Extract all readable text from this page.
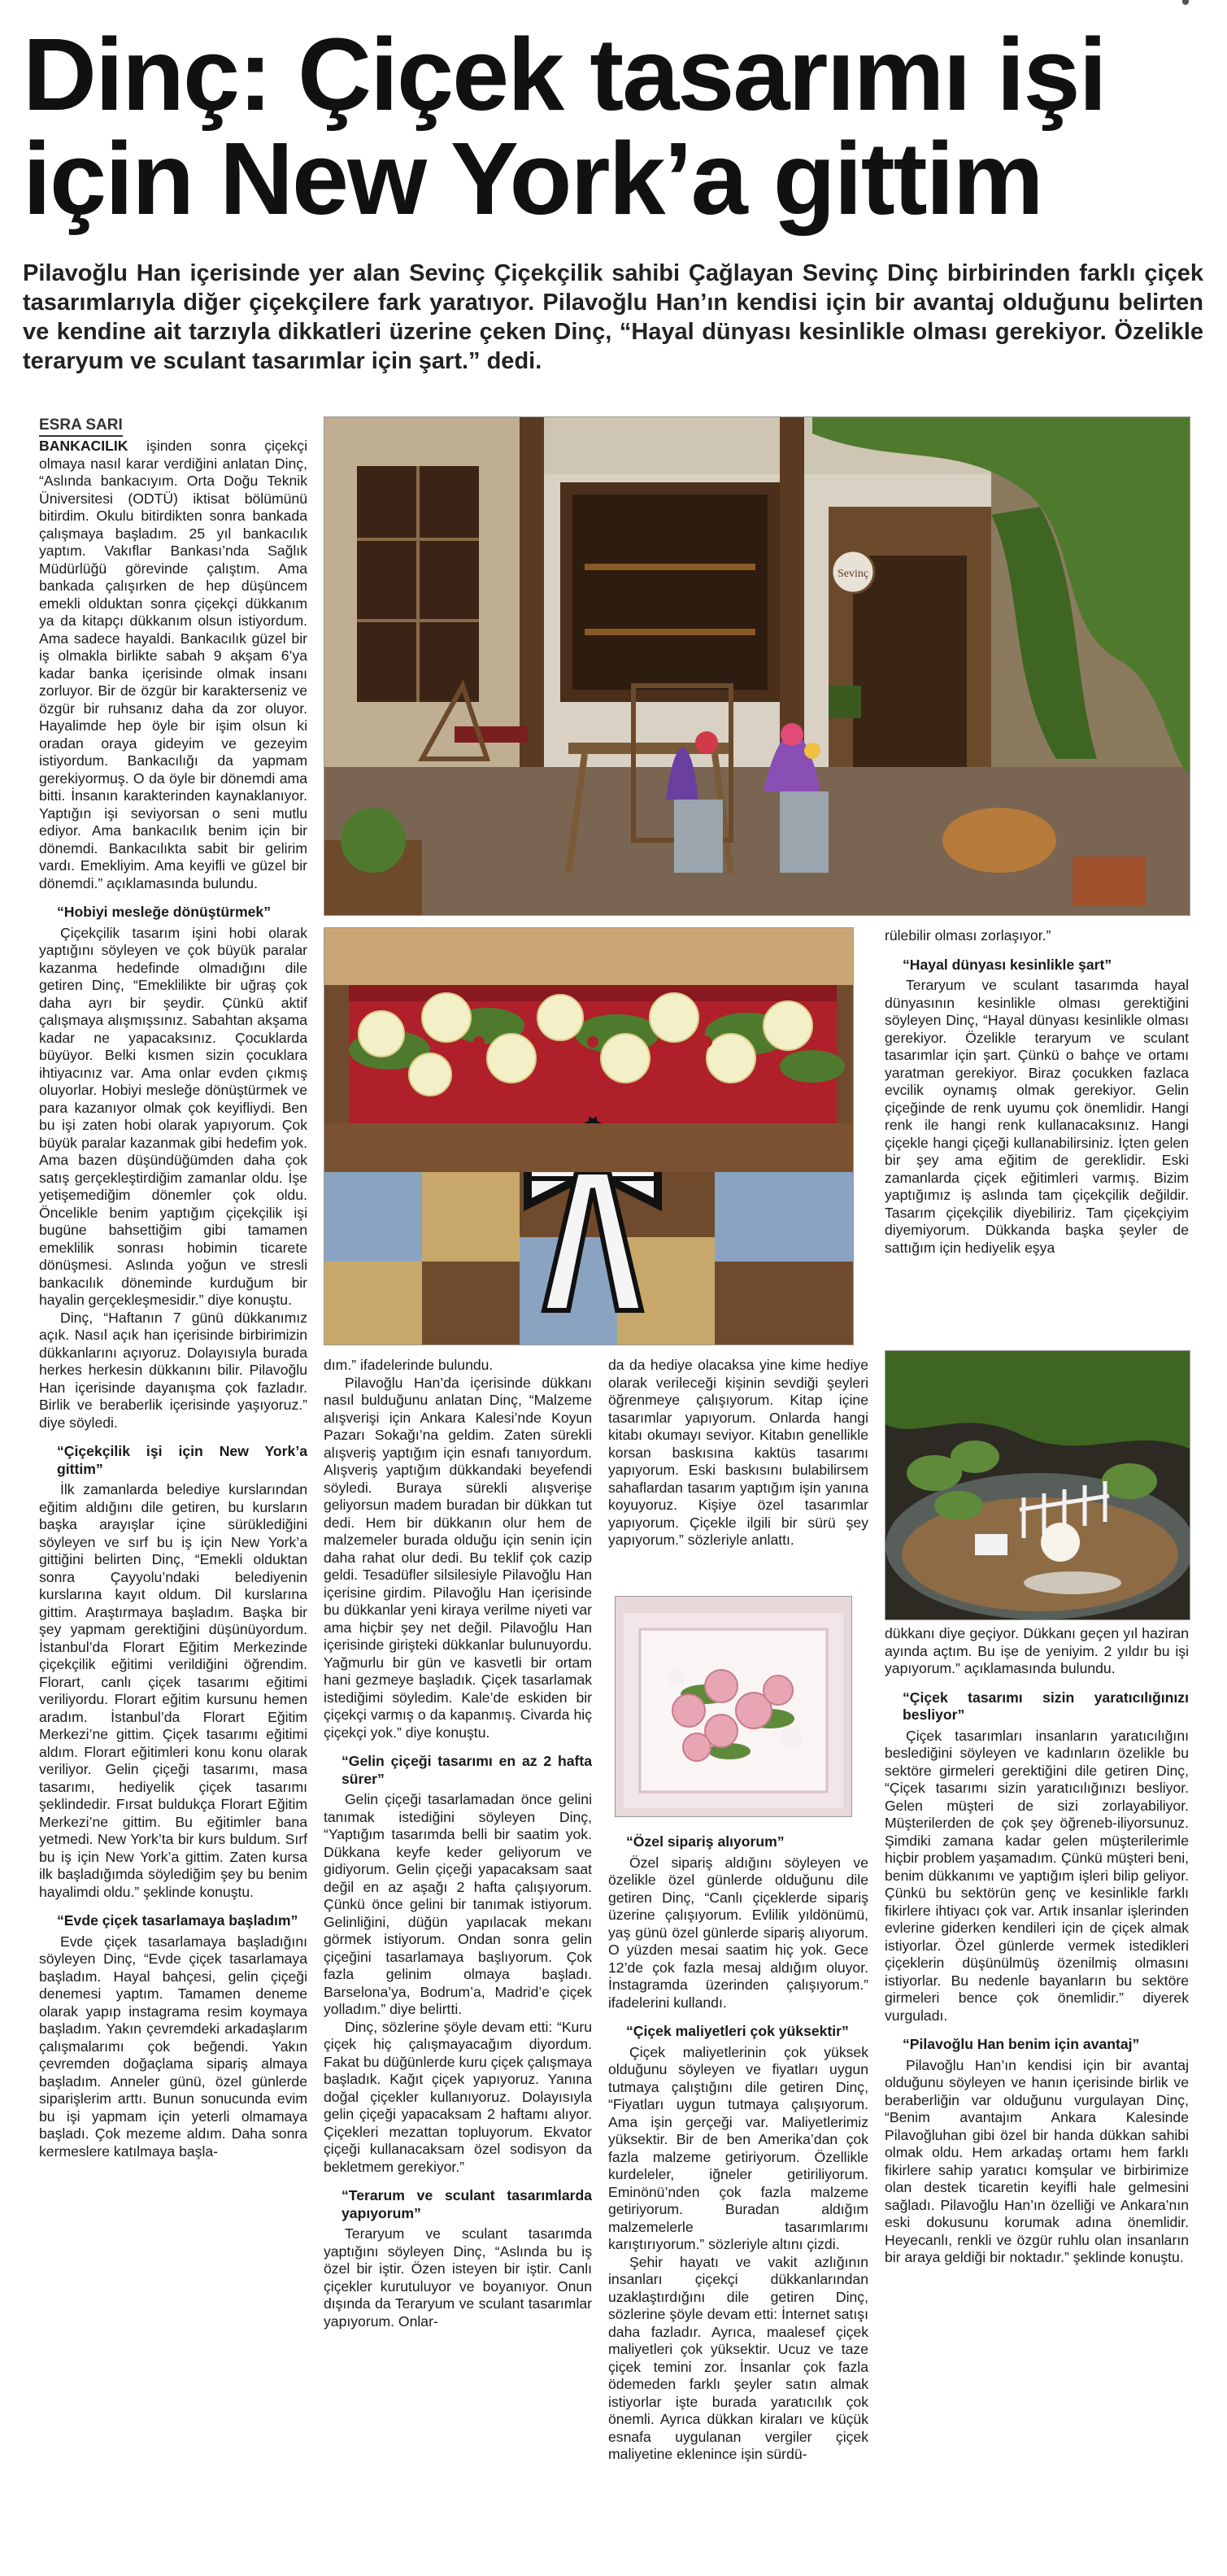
Dinç: Çiçek tasarımı işi için New York’a gittim

Pilavoğlu Han içerisinde yer alan Sevinç Çiçekçilik sahibi Çağlayan Sevinç Dinç birbirinden farklı çiçek tasarımlarıyla diğer çiçekçilere fark yaratıyor. Pilavoğlu Han’ın kendisi için bir avantaj olduğunu belirten ve kendine ait tarzıyla dikkatleri üzerine çeken Dinç, “Hayal dünyası kesinlikle olması gerekiyor. Özelikle teraryum ve sculant tasarımlar için şart.” dedi.

ESRA SARI

BANKACILIK işinden sonra çiçekçi olmaya nasıl karar verdiğini anlatan Dinç, “Aslında bankacıyım. Orta Doğu Teknik Üniversitesi (ODTÜ) iktisat bölümünü bitirdim. Okulu bitirdikten sonra bankada çalışmaya başladım. 25 yıl bankacılık yaptım. Vakıflar Bankası’nda Sağlık Müdürlüğü görevinde çalıştım. Ama bankada çalışırken de hep düşüncem emekli olduktan sonra çiçekçi dükkanım ya da kitapçı dükkanım olsun istiyordum. Ama sadece hayaldi. Bankacılık güzel bir iş olmakla birlikte sabah 9 akşam 6’ya kadar banka içerisinde olmak insanı zorluyor. Bir de özgür bir karakterseniz ve özgür bir ruhsanız daha da zor oluyor. Hayalimde hep öyle bir işim olsun ki oradan oraya gideyim ve gezeyim istiyordum. Bankacılığı da yapmam gerekiyormuş. O da öyle bir dönemdi ama bitti. İnsanın karakterinden kaynaklanıyor. Yaptığın işi seviyorsan o seni mutlu ediyor. Ama bankacılık benim için bir dönemdi. Bankacılıkta sabit bir gelirim vardı. Emekliyim. Ama keyifli ve güzel bir dönemdi.” açıklamasında bulundu.

“Hobiyi mesleğe dönüştürmek”

Çiçekçilik tasarım işini hobi olarak yaptığını söyleyen ve çok büyük paralar kazanma hedefinde olmadığını dile getiren Dinç, “Emeklilikte bir uğraş çok daha ayrı bir şeydir. Çünkü aktif çalışmaya alışmışsınız. Sabahtan akşama kadar ne yapacaksınız. Çocuklarda büyüyor. Belki kısmen sizin çocuklara ihtiyacınız var. Ama onlar evden çıkmış oluyorlar. Hobiyi mesleğe dönüştürmek ve para kazanıyor olmak çok keyifliydi. Ben bu işi zaten hobi olarak yapıyorum. Çok büyük paralar kazanmak gibi hedefim yok. Ama bazen düşündüğümden daha çok satış gerçekleştirdiğim zamanlar oldu. İşe yetişemediğim dönemler çok oldu. Öncelikle benim yaptığım çiçekçilik işi bugüne bahsettiğim gibi tamamen emeklilik sonrası hobimin ticarete dönüşmesi. Aslında yoğun ve stresli bankacılık döneminde kurduğum bir hayalin gerçekleşmesidir.” diye konuştu.

Dinç, “Haftanın 7 günü dükkanımız açık. Nasıl açık han içerisinde birbirimizin dükkanlarını açıyoruz. Dolayısıyla burada herkes herkesin dükkanını bilir. Pilavoğlu Han içerisinde dayanışma çok fazladır. Birlik ve beraberlik içerisinde yaşıyoruz.” diye söyledi.

“Çiçekçilik işi için New York’a gittim”

İlk zamanlarda belediye kurslarından eğitim aldığını dile getiren, bu kursların başka arayışlar içine sürüklediğini söyleyen ve sırf bu iş için New York’a gittiğini belirten Dinç, “Emekli olduktan sonra Çayyolu’ndaki belediyenin kurslarına kayıt oldum. Dil kurslarına gittim. Araştırmaya başladım. Başka bir şey yapmam gerektiğini düşünüyordum. İstanbul’da Florart Eğitim Merkezinde çiçekçilik eğitimi verildiğini öğrendim. Florart, canlı çiçek tasarımı eğitimi veriliyordu. Florart eğitim kursunu hemen aradım. İstanbul’da Florart Eğitim Merkezi’ne gittim. Çiçek tasarımı eğitimi aldım. Florart eğitimleri konu konu olarak veriliyor. Gelin çiçeği tasarımı, masa tasarımı, hediyelik çiçek tasarımı şeklindedir. Fırsat buldukça Florart Eğitim Merkezi’ne gittim. Bu eğitimler bana yetmedi. New York’ta bir kurs buldum. Sırf bu iş için New York’a gittim. Zaten kursa ilk başladığımda söylediğim şey bu benim hayalimdi oldu.” şeklinde konuştu.

“Evde çiçek tasarlamaya başladım”

Evde çiçek tasarlamaya başladığını söyleyen Dinç, “Evde çiçek tasarlamaya başladım. Hayal bahçesi, gelin çiçeği denemesi yaptım. Tamamen deneme olarak yapıp instagrama resim koymaya başladım. Yakın çevremdeki arkadaşlarım çalışmalarımı çok beğendi. Yakın çevremden doğaçlama sipariş almaya başladım. Anneler günü, özel günlerde siparişlerim arttı. Bunun sonucunda evim bu işi yapmam için yeterli olmamaya başladı. Çok mezeme aldım. Daha sonra kermeslere katılmaya başla-

Sevinç

dım.” ifadelerinde bulundu.

Pilavoğlu Han’da içerisinde dükkanı nasıl bulduğunu anlatan Dinç, “Malzeme alışverişi için Ankara Kalesi’nde Koyun Pazarı Sokağı’na geldim. Zaten sürekli alışveriş yaptığım için esnafı tanıyordum. Alışveriş yaptığım dükkandaki beyefendi söyledi. Buraya sürekli alışverişe geliyorsun madem buradan bir dükkan tut dedi. Hem bir dükkanın olur hem de malzemeler burada olduğu için senin için daha rahat olur dedi. Bu teklif çok cazip geldi. Tesadüfler silsilesiyle Pilavoğlu Han içerisine girdim. Pilavoğlu Han içerisinde bu dükkanlar yeni kiraya verilme niyeti var ama hiçbir şey net değil. Pilavoğlu Han içerisinde girişteki dükkanlar bulunuyordu. Yağmurlu bir gün ve kasvetli bir ortam hani gezmeye başladık. Çiçek tasarlamak istediğimi söyledim. Kale’de eskiden bir çiçekçi varmış o da kapanmış. Civarda hiç çiçekçi yok.” diye konuştu.

“Gelin çiçeği tasarımı en az 2 hafta sürer”

Gelin çiçeği tasarlamadan önce gelini tanımak istediğini söyleyen Dinç, “Yaptığım tasarımda belli bir saatim yok. Dükkana keyfe keder geliyorum ve gidiyorum. Gelin çiçeği yapacaksam saat değil en az aşağı 2 hafta çalışıyorum. Çünkü önce gelini bir tanımak istiyorum. Gelinliğini, düğün yapılacak mekanı görmek istiyorum. Ondan sonra gelin çiçeğini tasarlamaya başlıyorum. Çok fazla gelinim olmaya başladı. Barselona’ya, Bodrum’a, Madrid’e çiçek yolladım.” diye belirtti.

Dinç, sözlerine şöyle devam etti: “Kuru çiçek hiç çalışmayacağım diyordum. Fakat bu düğünlerde kuru çiçek çalışmaya başladık. Kağıt çiçek yapıyoruz. Yanına doğal çiçekler kullanıyoruz. Dolayısıyla gelin çiçeği yapacaksam 2 haftamı alıyor. Çiçekleri mezattan topluyorum. Ekvator çiçeği kullanacaksam özel sodisyon da bekletmem gerekiyor.”

“Terarum ve sculant tasarımlarda yapıyorum”

Teraryum ve sculant tasarımda yaptığını söyleyen Dinç, “Aslında bu iş özel bir iştir. Özen isteyen bir iştir. Canlı çiçekler kurutuluyor ve boyanıyor. Onun dışında da Teraryum ve sculant tasarımlar yapıyorum. Onlar-

da da hediye olacaksa yine kime hediye olarak verileceği kişinin sevdiği şeyleri öğrenmeye çalışıyorum. Kitap içine tasarımlar yapıyorum. Onlarda hangi kitabı okumayı seviyor. Kitabın genellikle korsan baskısına kaktüs tasarımı yapıyorum. Eski baskısını bulabilirsem sahaflardan tasarım yaptığım işin yanına koyuyoruz. Kişiye özel tasarımlar yapıyorum. Çiçekle ilgili bir sürü şey yapıyorum.” sözleriyle anlattı.

“Özel sipariş alıyorum”

Özel sipariş aldığını söyleyen ve özelikle özel günlerde olduğunu dile getiren Dinç, “Canlı çiçeklerde sipariş üzerine çalışıyorum. Evlilik yıldönümü, yaş günü özel günlerde sipariş alıyorum. O yüzden mesai saatim hiç yok. Gece 12’de çok fazla mesaj aldığım oluyor. İnstagramda üzerinden çalışıyorum.” ifadelerini kullandı.

“Çiçek maliyetleri çok yüksektir”

Çiçek maliyetlerinin çok yüksek olduğunu söyleyen ve fiyatları uygun tutmaya çalıştığını dile getiren Dinç, “Fiyatları uygun tutmaya çalışıyorum. Ama işin gerçeği var. Maliyetlerimiz yüksektir. Bir de ben Amerika’dan çok fazla malzeme getiriyorum. Özellikle kurdeleler, iğneler getiriliyorum. Eminönü’nden çok fazla malzeme getiriyorum. Buradan aldığım malzemelerle tasarımlarımı karıştırıyorum.” sözleriyle altını çizdi.

Şehir hayatı ve vakit azlığının insanları çiçekçi dükkanlarından uzaklaştırdığını dile getiren Dinç, sözlerine şöyle devam etti: İnternet satışı daha fazladır. Ayrıca, maalesef çiçek maliyetleri çok yüksektir. Ucuz ve taze çiçek temini zor. İnsanlar çok fazla ödemeden farklı şeyler satın almak istiyorlar işte burada yaratıcılık çok önemli. Ayrıca dükkan kiraları ve küçük esnafa uygulanan vergiler çiçek maliyetine eklenince işin sürdü-

rülebilir olması zorlaşıyor.”

“Hayal dünyası kesinlikle şart”

Teraryum ve sculant tasarımda hayal dünyasının kesinlikle olması gerektiğini söyleyen Dinç, “Hayal dünyası kesinlikle olması gerekiyor. Özelikle teraryum ve sculant tasarımlar için şart. Çünkü o bahçe ve ortamı yaratman gerekiyor. Biraz çocukken fazlaca evcilik oynamış olmak gerekiyor. Gelin çiçeğinde de renk uyumu çok önemlidir. Hangi renk ile hangi renk kullanacaksınız. Hangi çiçekle hangi çiçeği kullanabilirsiniz. İçten gelen bir şey ama eğitim de gereklidir. Eski zamanlarda çiçek eğitimleri varmış. Bizim yaptığımız iş aslında tam çiçekçilik değildir. Tasarım çiçekçilik diyebiliriz. Tam çiçekçiyim diyemiyorum. Dükkanda başka şeyler de sattığım için hediyelik eşya

dükkanı diye geçiyor. Dükkanı geçen yıl haziran ayında açtım. Bu işe de yeniyim. 2 yıldır bu işi yapıyorum.” açıklamasında bulundu.

“Çiçek tasarımı sizin yaratıcılığınızı besliyor”

Çiçek tasarımları insanların yaratıcılığını beslediğini söyleyen ve kadınların özelikle bu sektöre girmeleri gerektiğini dile getiren Dinç, “Çiçek tasarımı sizin yaratıcılığınızı besliyor. Gelen müşteri de sizi zorlayabiliyor. Müşterilerden de çok şey öğreneb-iliyorsunuz. Şimdiki zamana kadar gelen müşterilerimle hiçbir problem yaşamadım. Çünkü müşteri beni, benim dükkanımı ve yaptığım işleri bilip geliyor. Çünkü bu sektörün genç ve kesinlikle farklı fikirlere ihtiyacı çok var. Artık insanlar işlerinden evlerine giderken kendileri için de çiçek almak istiyorlar. Özel günlerde vermek istedikleri çiçeklerin düşünülmüş özenilmiş olmasını istiyorlar. Bu nedenle bayanların bu sektöre girmeleri bence çok önemlidir.” diyerek vurguladı.

“Pilavoğlu Han benim için avantaj”

Pilavoğlu Han’ın kendisi için bir avantaj olduğunu söyleyen ve hanın içerisinde birlik ve beraberliğin var olduğunu vurgulayan Dinç, “Benim avantajım Ankara Kalesinde Pilavoğluhan gibi özel bir handa dükkan sahibi olmak oldu. Hem arkadaş ortamı hem farklı fikirlere sahip yaratıcı komşular ve birbirimize olan destek ticaretin keyifli hale gelmesini sağladı. Pilavoğlu Han’ın özelliği ve Ankara’nın eski dokusunu korumak adına önemlidir. Heyecanlı, renkli ve özgür ruhlu olan insanların bir araya geldiği bir noktadır.” şeklinde konuştu.
